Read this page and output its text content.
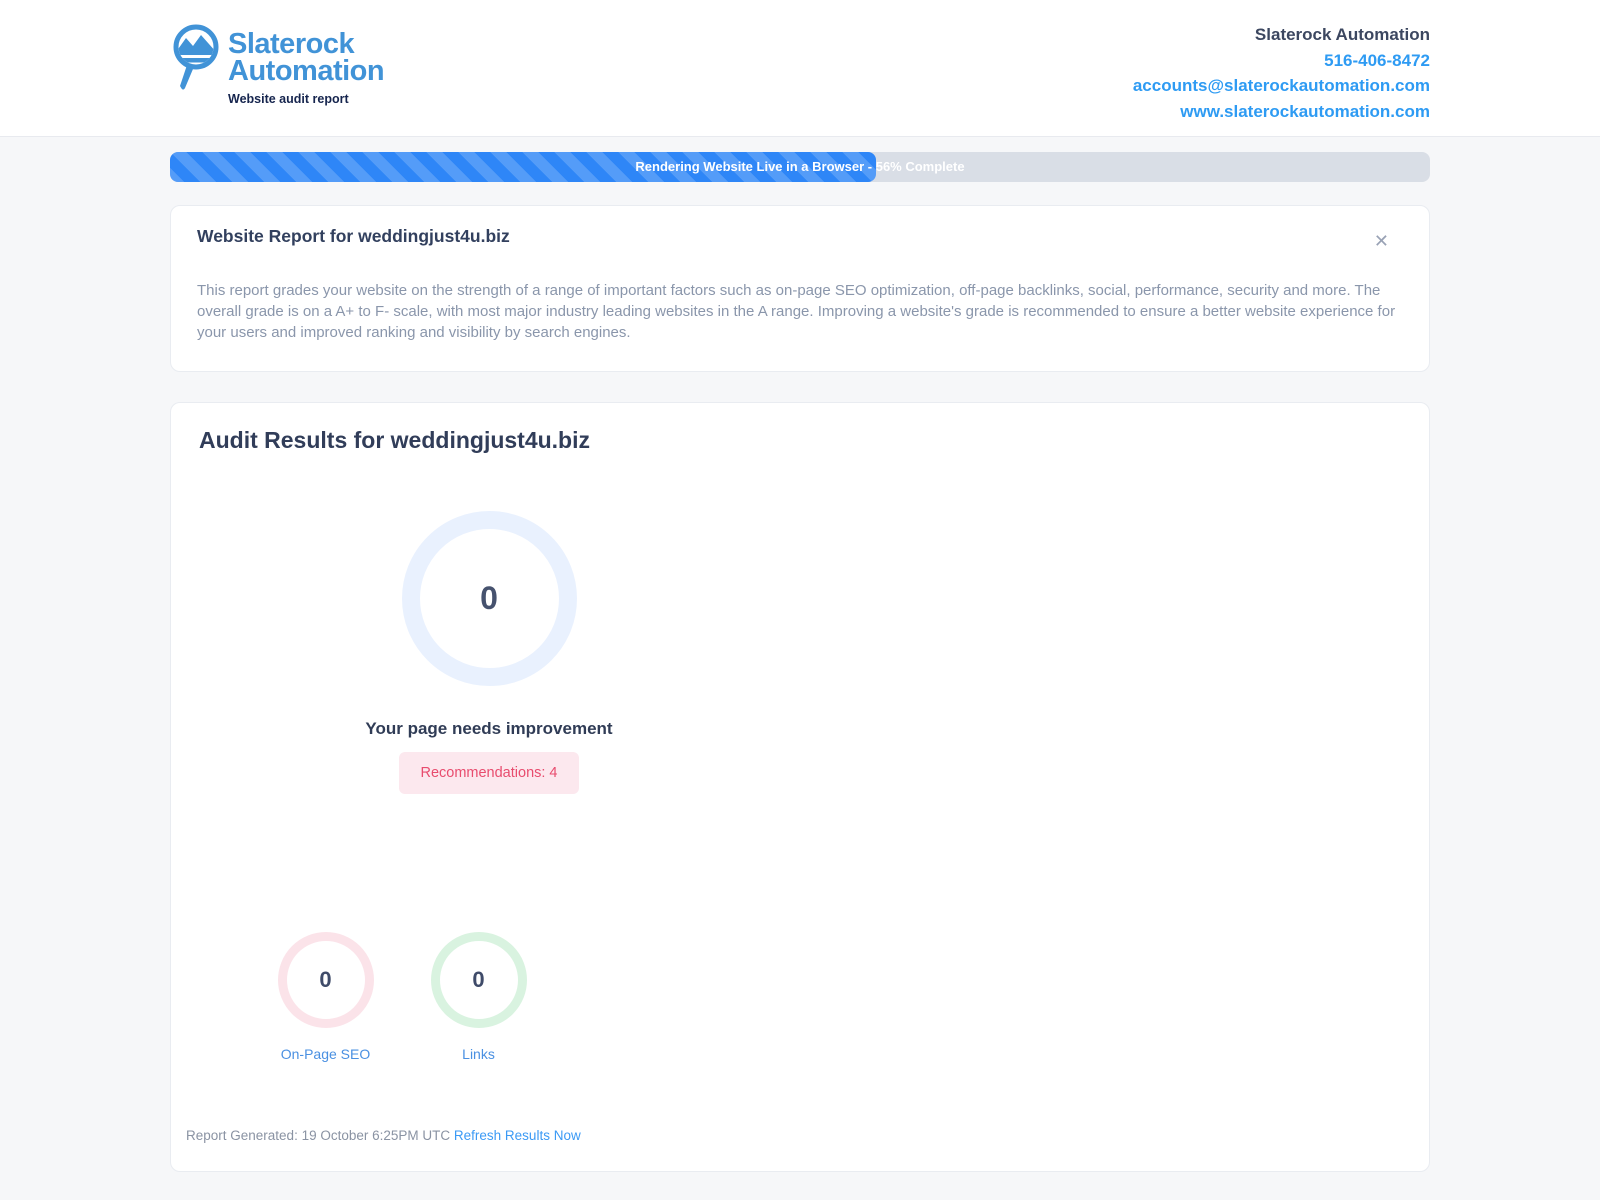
Slaterock
Automation
Website audit report
Slaterock Automation
516-406-8472
accounts@slaterockautomation.com
www.slaterockautomation.com
Rendering Website Live in a Browser - 56% Complete
Website Report for weddingjust4u.biz	✕

This report grades your website on the strength of a range of important factors such as on-page SEO optimization, off-page backlinks, social, performance, security and more. The overall grade is on a A+ to F- scale, with most major industry leading websites in the A range. Improving a website's grade is recommended to ensure a better website experience for your users and improved ranking and visibility by search engines.

Audit Results for weddingjust4u.biz
0
Your page needs improvement
Recommendations: 4
0
On-Page SEO
0
Links
Report Generated: 19 October 6:25PM UTC Refresh Results Now
